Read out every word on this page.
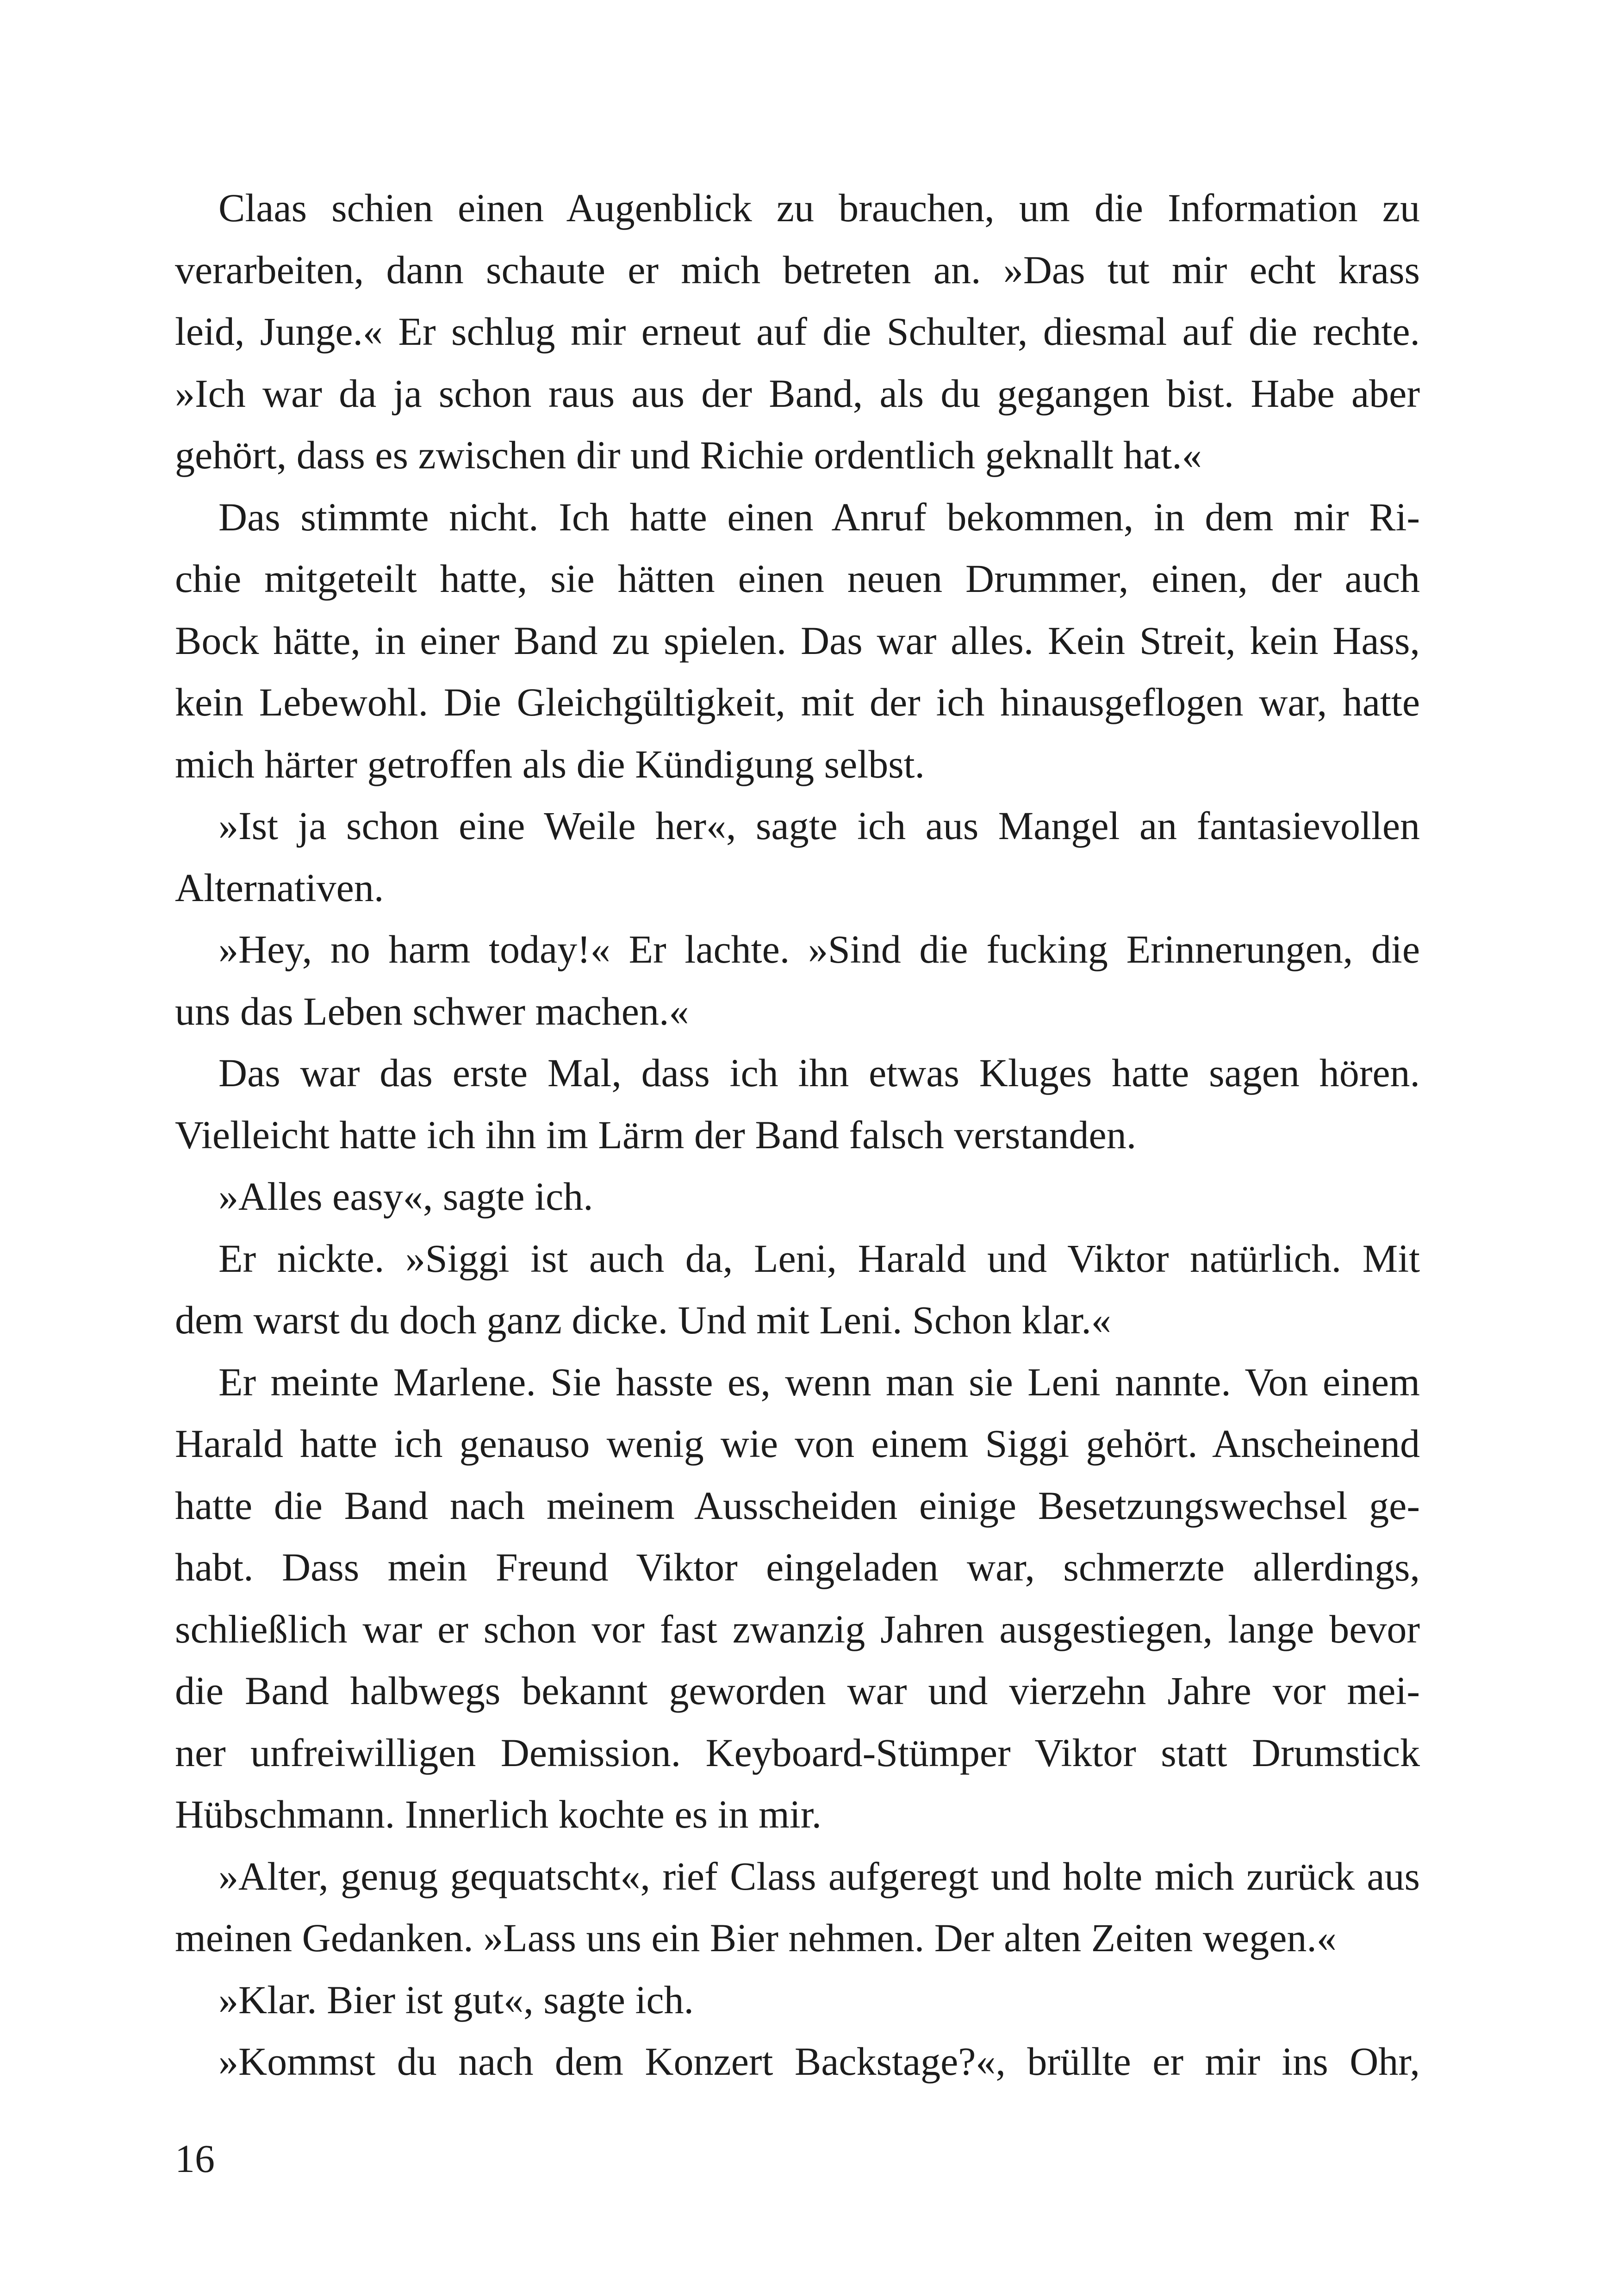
Claas schien einen Augenblick zu brauchen, um die Information zu
verarbeiten, dann schaute er mich betreten an. »Das tut mir echt krass
leid, Junge.« Er schlug mir erneut auf die Schulter, diesmal auf die rechte.
»Ich war da ja schon raus aus der Band, als du gegangen bist. Habe aber
gehört, dass es zwischen dir und Richie ordentlich geknallt hat.«
Das stimmte nicht. Ich hatte einen Anruf bekommen, in dem mir Ri-
chie mitgeteilt hatte, sie hätten einen neuen Drummer, einen, der auch
Bock hätte, in einer Band zu spielen. Das war alles. Kein Streit, kein Hass,
kein Lebewohl. Die Gleichgültigkeit, mit der ich hinausgeflogen war, hatte
mich härter getroffen als die Kündigung selbst.
»Ist ja schon eine Weile her«, sagte ich aus Mangel an fantasievollen
Alternativen.
»Hey, no harm today!« Er lachte. »Sind die fucking Erinnerungen, die
uns das Leben schwer machen.«
Das war das erste Mal, dass ich ihn etwas Kluges hatte sagen hören.
Vielleicht hatte ich ihn im Lärm der Band falsch verstanden.
»Alles easy«, sagte ich.
Er nickte. »Siggi ist auch da, Leni, Harald und Viktor natürlich. Mit
dem warst du doch ganz dicke. Und mit Leni. Schon klar.«
Er meinte Marlene. Sie hasste es, wenn man sie Leni nannte. Von einem
Harald hatte ich genauso wenig wie von einem Siggi gehört. Anscheinend
hatte die Band nach meinem Ausscheiden einige Besetzungswechsel ge-
habt. Dass mein Freund Viktor eingeladen war, schmerzte allerdings,
schließlich war er schon vor fast zwanzig Jahren ausgestiegen, lange bevor
die Band halbwegs bekannt geworden war und vierzehn Jahre vor mei-
ner unfreiwilligen Demission. Keyboard-Stümper Viktor statt Drumstick
Hübschmann. Innerlich kochte es in mir.
»Alter, genug gequatscht«, rief Class aufgeregt und holte mich zurück aus
meinen Gedanken. »Lass uns ein Bier nehmen. Der alten Zeiten wegen.«
»Klar. Bier ist gut«, sagte ich.
»Kommst du nach dem Konzert Backstage?«, brüllte er mir ins Ohr,
16
